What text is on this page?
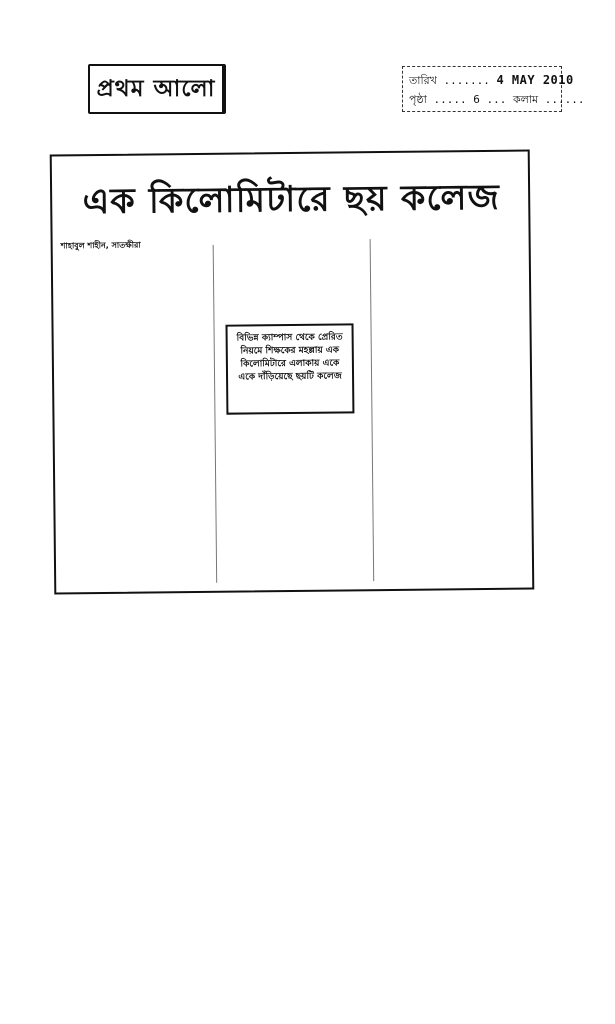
প্রথম আলো	তারিখ ....... 4 MAY 2010
পৃষ্ঠা ..... 6 ... কলাম ......
এক কিলোমিটারে ছয় কলেজ
শাহাবুল শাহীন, সাতক্ষীরা
বিভিন্ন ক্যাম্পাস থেকে প্রেরিত নিয়মে শিক্ষকের মহল্লায় এক কিলোমিটারে এলাকায় একে একে দাঁড়িয়েছে ছয়টি কলেজ
